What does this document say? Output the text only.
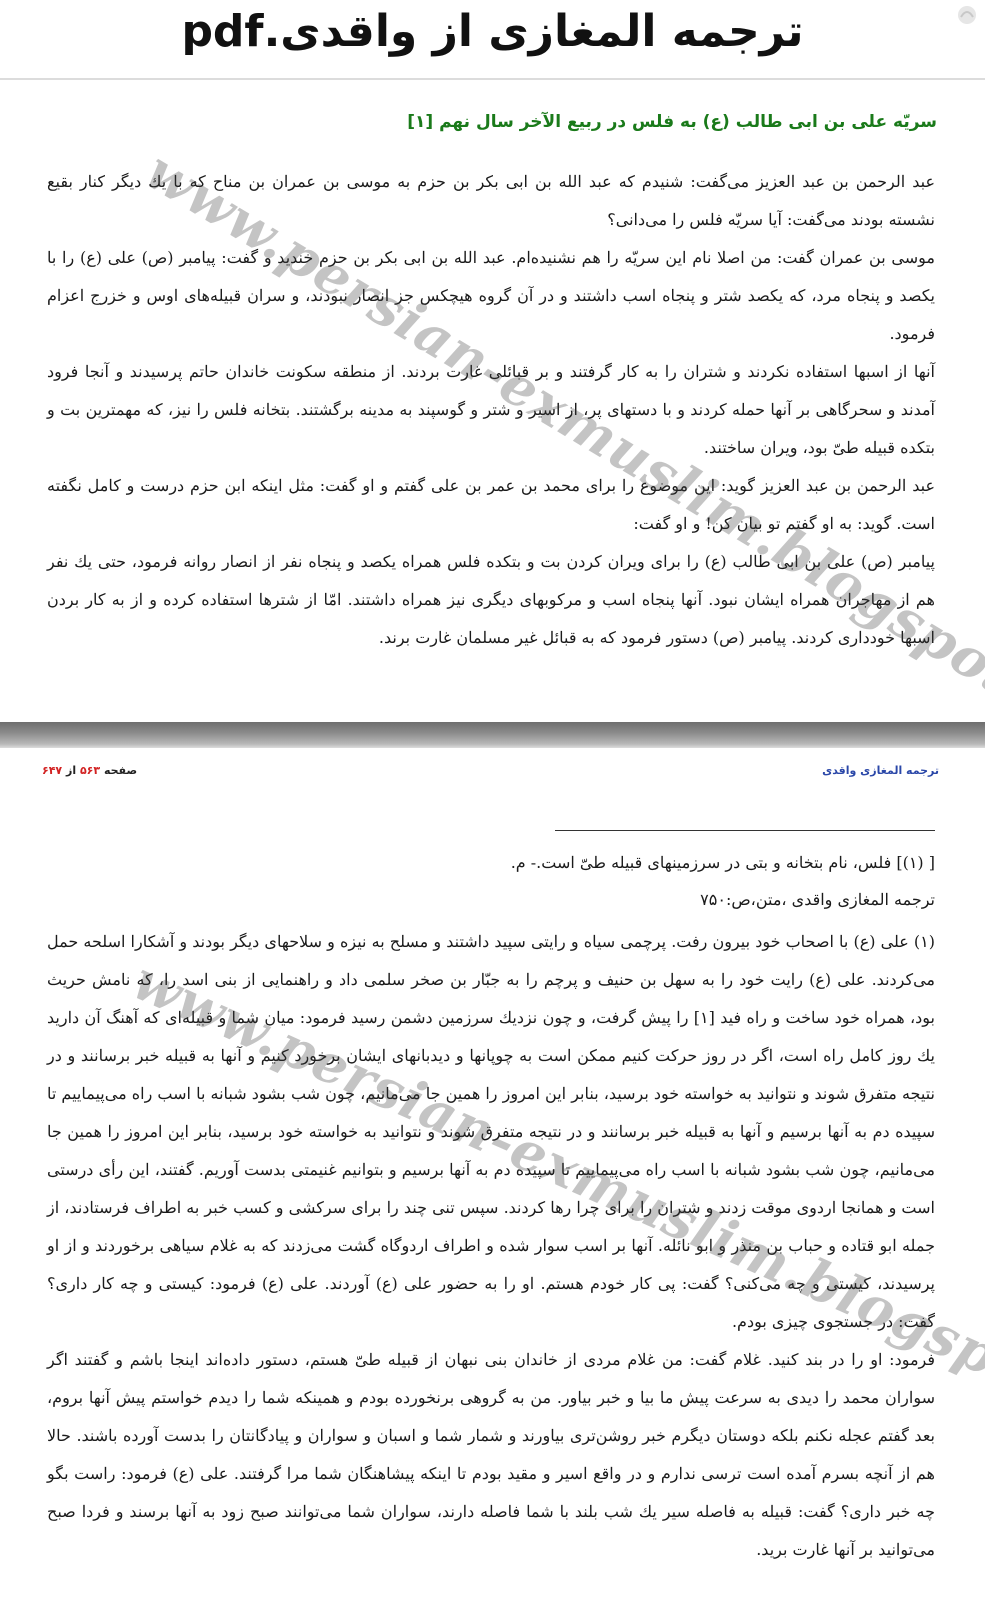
ترجمه المغازی از واقدی.pdf
سريّه على بن ابى طالب (ع) به فلس در ربيع الآخر سال نهم [۱]

عبد الرحمن بن عبد العزيز مى‌گفت: شنيدم كه عبد الله بن ابى بكر بن حزم به موسى بن عمران بن مناح كه با يك ديگر كنار بقيع نشسته بودند مى‌گفت: آيا سريّه فلس را مى‌دانى؟

موسى بن عمران گفت: من اصلا نام اين سريّه را هم نشنيده‌ام. عبد الله بن ابى بكر بن حزم خنديد و گفت: پيامبر (ص) على (ع) را با يكصد و پنجاه مرد، كه يكصد شتر و پنجاه اسب داشتند و در آن گروه هيچكس جز انصار نبودند، و سران قبيله‌هاى اوس و خزرج اعزام فرمود.

آنها از اسبها استفاده نكردند و شتران را به كار گرفتند و بر قبائلى غارت بردند. از منطقه سكونت خاندان حاتم پرسيدند و آنجا فرود آمدند و سحرگاهى بر آنها حمله كردند و با دستهاى پر، از اسير و شتر و گوسپند به مدينه برگشتند. بتخانه فلس را نيز، كه مهمترين بت و بتكده قبيله طىّ بود، ويران ساختند.

عبد الرحمن بن عبد العزيز گويد: اين موضوع را براى محمد بن عمر بن على گفتم و او گفت: مثل اينكه ابن حزم درست و كامل نگفته است. گويد: به او گفتم تو بيان كن! و او گفت:

پيامبر (ص) على بن ابى طالب (ع) را براى ويران كردن بت و بتكده فلس همراه يكصد و پنجاه نفر از انصار روانه فرمود، حتى يك نفر هم از مهاجران همراه ايشان نبود. آنها پنجاه اسب و مركوبهاى ديگرى نيز همراه داشتند. امّا از شترها استفاده كرده و از به كار بردن اسبها خوددارى كردند. پيامبر (ص) دستور فرمود كه به قبائل غير مسلمان غارت برند.

ترجمه المغازى واقدى
صفحه ۵۶۳ از ۶۴۷
[ (۱)] فلس، نام بتخانه و بتى در سرزمينهاى قبيله طىّ است.- م.
ترجمه المغازى واقدى ،متن،ص:۷۵۰

(۱) على (ع) با اصحاب خود بيرون رفت. پرچمى سياه و رايتى سپيد داشتند و مسلح به نيزه و سلاحهاى ديگر بودند و آشكارا اسلحه حمل مى‌كردند. على (ع) رايت خود را به سهل بن حنيف و پرچم را به جبّار بن صخر سلمى داد و راهنمايى از بنى اسد را، كه نامش حريث بود، همراه خود ساخت و راه فيد [۱] را پيش گرفت، و چون نزديك سرزمين دشمن رسيد فرمود: ميان شما و قبيله‌اى كه آهنگ آن داريد يك روز كامل راه است، اگر در روز حركت كنيم ممكن است به چوپانها و ديدبانهاى ايشان برخورد كنيم و آنها به قبيله خبر برسانند و در نتيجه متفرق شوند و نتوانيد به خواسته خود برسيد، بنابر اين امروز را همين جا مى‌مانيم، چون شب بشود شبانه با اسب راه مى‌پيماييم تا سپيده دم به آنها برسيم و آنها به قبيله خبر برسانند و در نتيجه متفرق شوند و نتوانيد به خواسته خود برسيد، بنابر اين امروز را همين جا مى‌مانيم، چون شب بشود شبانه با اسب راه مى‌پيماييم تا سپيده دم به آنها برسيم و بتوانيم غنيمتى بدست آوريم. گفتند، اين رأى درستى است و همانجا اردوى موقت زدند و شتران را براى چرا رها كردند. سپس تنى چند را براى سركشى و كسب خبر به اطراف فرستادند، از جمله ابو قتاده و حباب بن منذر و ابو نائله. آنها بر اسب سوار شده و اطراف اردوگاه گشت مى‌زدند كه به غلام سياهى برخوردند و از او پرسيدند، كيستى و چه مى‌كنى؟ گفت: پى كار خودم هستم. او را به حضور على (ع) آوردند. على (ع) فرمود: كيستى و چه كار دارى؟ گفت: در جستجوى چيزى بودم.

فرمود: او را در بند كنيد. غلام گفت: من غلام مردى از خاندان بنى نبهان از قبيله طىّ هستم، دستور داده‌اند اينجا باشم و گفتند اگر سواران محمد را ديدى به سرعت پيش ما بيا و خبر بياور. من به گروهى برنخورده بودم و همينكه شما را ديدم خواستم پيش آنها بروم، بعد گفتم عجله نكنم بلكه دوستان ديگرم خبر روشن‌ترى بياورند و شمار شما و اسبان و سواران و پيادگانتان را بدست آورده باشند. حالا هم از آنچه بسرم آمده است ترسى ندارم و در واقع اسير و مقيد بودم تا اينكه پيشاهنگان شما مرا گرفتند. على (ع) فرمود: راست بگو چه خبر دارى؟ گفت: قبيله به فاصله سير يك شب بلند با شما فاصله دارند، سواران شما مى‌توانند صبح زود به آنها برسند و فردا صبح مى‌توانيد بر آنها غارت بريد.
